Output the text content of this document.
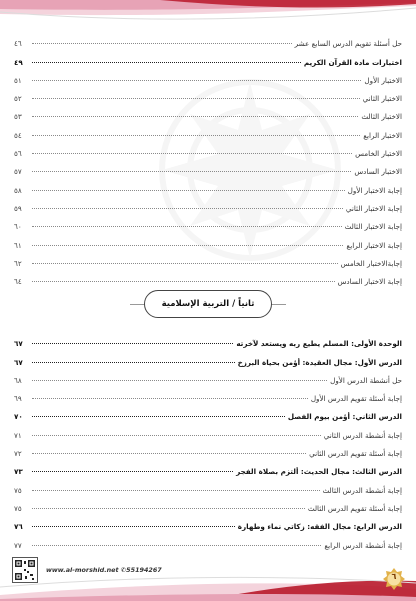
حل أسئلة تقويم الدرس السابع عشر
٤٦
اختبارات مادة القرآن الكريم
٤٩
الاختبار الأول
٥١
الاختبار الثاني
٥٢
الاختبار الثالث
٥٣
الاختبار الرابع
٥٤
الاختبار الخامس
٥٦
الاختبار السادس
٥٧
إجابة الاختبار الأول
٥٨
إجابة الاختبار الثاني
٥٩
إجابة الاختبار الثالث
٦٠
إجابة الاختبار الرابع
٦١
إجابةالاختبار الخامس
٦٢
إجابة الاختبار السادس
٦٤
ثانياً / التربية الإسلامية
الوحدة الأولى: المسلم يطيع ربه ويستعد لآخرته
٦٧
الدرس الأول: مجال العقيدة: أؤمن بحياة البرزخ
٦٧
حل أنشطة الدرس الأول
٦٨
إجابة أسئلة تقويم الدرس الأول
٦٩
الدرس الثاني: أؤمن بيوم الفصل
٧٠
إجابة أنشطة الدرس الثاني
٧١
إجابة أسئلة تقويم الدرس الثاني
٧٢
الدرس الثالث: مجال الحديث: ألتزم بصلاة الفجر
٧٣
إجابة أنشطة الدرس الثالث
٧٥
إجابة أسئلة تقويم الدرس الثالث
٧٥
الدرس الرابع: مجال الفقه: زكاتي نماء وطهارة
٧٦
إجابة أنشطة الدرس الرابع
٧٧
www.al-morshid.net ✆55194267
٦
